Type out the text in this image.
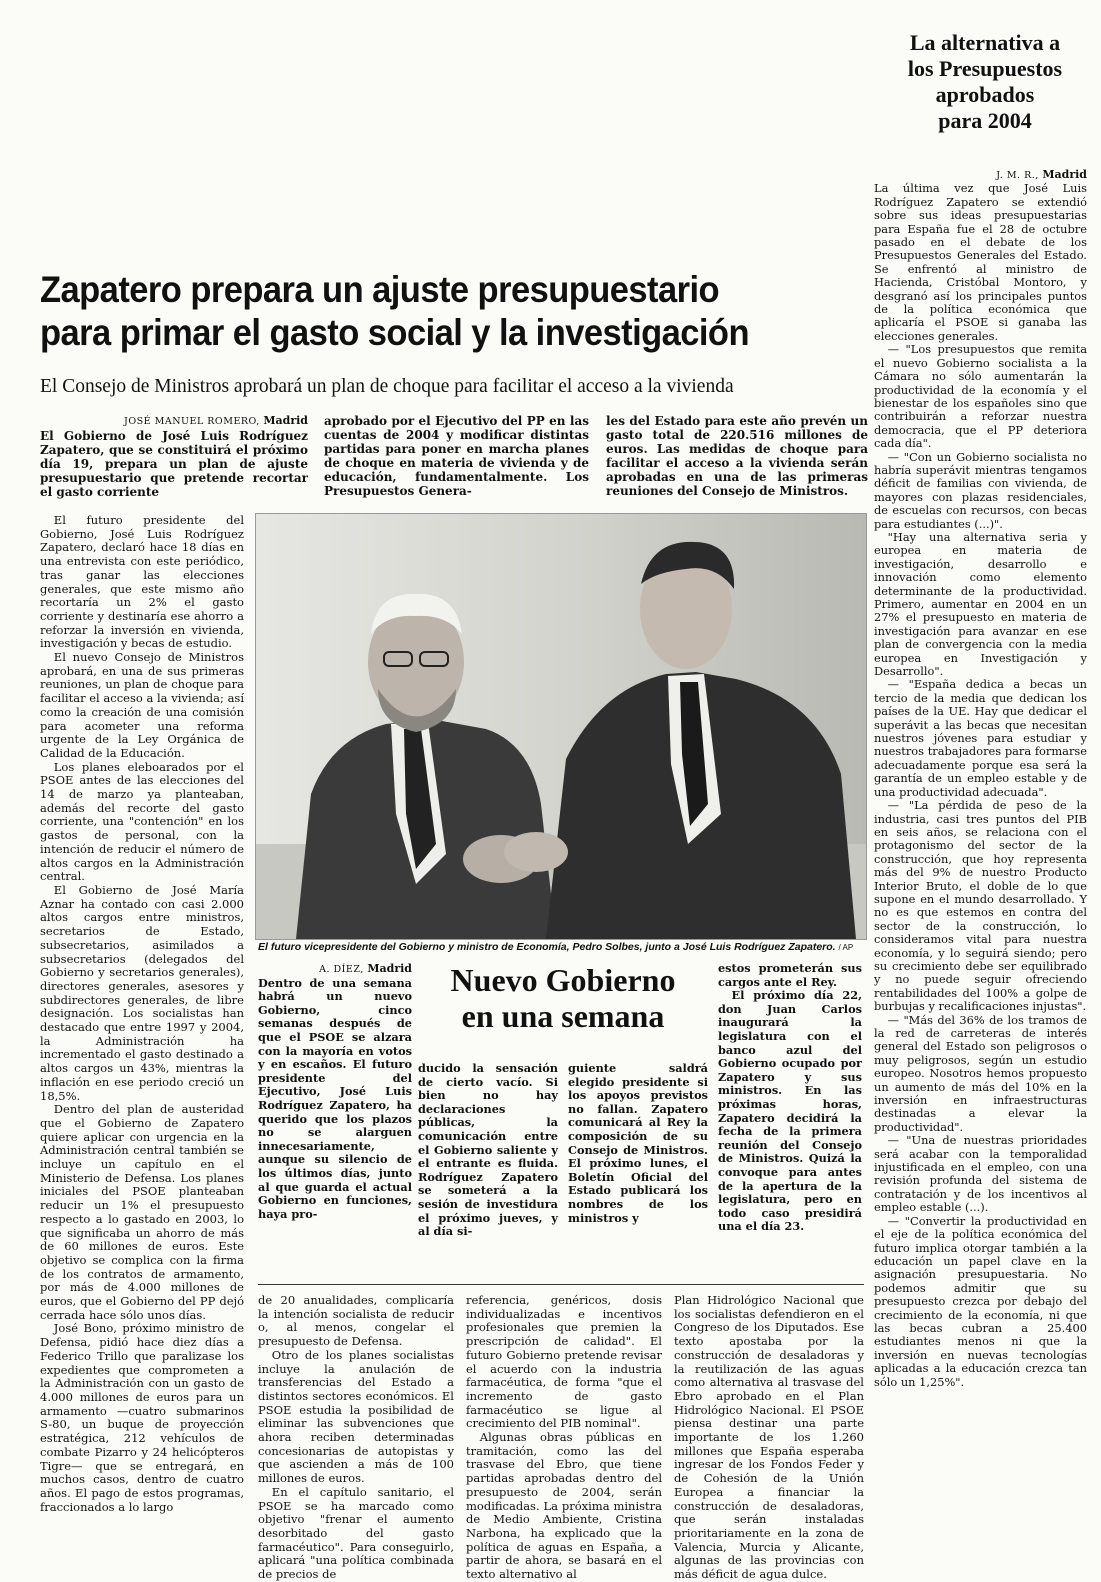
La alternativa a
los Presupuestos
aprobados
para 2004
J. M. R., Madrid

La última vez que José Luis Rodríguez Zapatero se extendió sobre sus ideas presupuestarias para España fue el 28 de octubre pasado en el debate de los Presupuestos Generales del Estado. Se enfrentó al ministro de Hacienda, Cristóbal Montoro, y desgranó así los principales puntos de la política económica que aplicaría el PSOE si ganaba las elecciones generales.

— "Los presupuestos que remita el nuevo Gobierno socialista a la Cámara no sólo aumentarán la productividad de la economía y el bienestar de los españoles sino que contribuirán a reforzar nuestra democracia, que el PP deteriora cada día".

— "Con un Gobierno socialista no habría superávit mientras tengamos déficit de familias con vivienda, de mayores con plazas residenciales, de escuelas con recursos, con becas para estudiantes (...)".

"Hay una alternativa seria y europea en materia de investigación, desarrollo e innovación como elemento determinante de la productividad. Primero, aumentar en 2004 en un 27% el presupuesto en materia de investigación para avanzar en ese plan de convergencia con la media europea en Investigación y Desarrollo".

— "España dedica a becas un tercio de la media que dedican los países de la UE. Hay que dedicar el superávit a las becas que necesitan nuestros jóvenes para estudiar y nuestros trabajadores para formarse adecuadamente porque esa será la garantía de un empleo estable y de una productividad adecuada".

— "La pérdida de peso de la industria, casi tres puntos del PIB en seis años, se relaciona con el protagonismo del sector de la construcción, que hoy representa más del 9% de nuestro Producto Interior Bruto, el doble de lo que supone en el mundo desarrollado. Y no es que estemos en contra del sector de la construcción, lo consideramos vital para nuestra economía, y lo seguirá siendo; pero su crecimiento debe ser equilibrado y no puede seguir ofreciendo rentabilidades del 100% a golpe de burbujas y recalificaciones injustas".

— "Más del 36% de los tramos de la red de carreteras de interés general del Estado son peligrosos o muy peligrosos, según un estudio europeo. Nosotros hemos propuesto un aumento de más del 10% en la inversión en infraestructuras destinadas a elevar la productividad".

— "Una de nuestras prioridades será acabar con la temporalidad injustificada en el empleo, con una revisión profunda del sistema de contratación y de los incentivos al empleo estable (...).

— "Convertir la productividad en el eje de la política económica del futuro implica otorgar también a la educación un papel clave en la asignación presupuestaria. No podemos admitir que su presupuesto crezca por debajo del crecimiento de la economía, ni que las becas cubran a 25.400 estudiantes menos ni que la inversión en nuevas tecnologías aplicadas a la educación crezca tan sólo un 1,25%".

Zapatero prepara un ajuste presupuestario
para primar el gasto social y la investigación
El Consejo de Ministros aprobará un plan de choque para facilitar el acceso a la vivienda
JOSÉ MANUEL ROMERO, Madrid
El Gobierno de José Luis Rodríguez Zapatero, que se constituirá el próximo día 19, prepara un plan de ajuste presupuestario que pretende recortar el gasto corriente
aprobado por el Ejecutivo del PP en las cuentas de 2004 y modificar distintas partidas para poner en marcha planes de choque en materia de vivienda y de educación, fundamentalmente. Los Presupuestos Genera-
les del Estado para este año prevén un gasto total de 220.516 millones de euros. Las medidas de choque para facilitar el acceso a la vivienda serán aprobadas en una de las primeras reuniones del Consejo de Ministros.

El futuro presidente del Gobierno, José Luis Rodríguez Zapatero, declaró hace 18 días en una entrevista con este periódico, tras ganar las elecciones generales, que este mismo año recortaría un 2% el gasto corriente y destinaría ese ahorro a reforzar la inversión en vivienda, investigación y becas de estudio.

El nuevo Consejo de Ministros aprobará, en una de sus primeras reuniones, un plan de choque para facilitar el acceso a la vivienda; así como la creación de una comisión para acometer una reforma urgente de la Ley Orgánica de Calidad de la Educación.

Los planes eleboarados por el PSOE antes de las elecciones del 14 de marzo ya planteaban, además del recorte del gasto corriente, una "contención" en los gastos de personal, con la intención de reducir el número de altos cargos en la Administración central.

El Gobierno de José María Aznar ha contado con casi 2.000 altos cargos entre ministros, secretarios de Estado, subsecretarios, asimilados a subsecretarios (delegados del Gobierno y secretarios generales), directores generales, asesores y subdirectores generales, de libre designación. Los socialistas han destacado que entre 1997 y 2004, la Administración ha incrementado el gasto destinado a altos cargos un 43%, mientras la inflación en ese periodo creció un 18,5%.

Dentro del plan de austeridad que el Gobierno de Zapatero quiere aplicar con urgencia en la Administración central también se incluye un capítulo en el Ministerio de Defensa. Los planes iniciales del PSOE planteaban reducir un 1% el presupuesto respecto a lo gastado en 2003, lo que significaba un ahorro de más de 60 millones de euros. Este objetivo se complica con la firma de los contratos de armamento, por más de 4.000 millones de euros, que el Gobierno del PP dejó cerrada hace sólo unos días.

José Bono, próximo ministro de Defensa, pidió hace diez días a Federico Trillo que paralizase los expedientes que comprometen a la Administración con un gasto de 4.000 millones de euros para un armamento —cuatro submarinos S-80, un buque de proyección estratégica, 212 vehículos de combate Pizarro y 24 helicópteros Tigre— que se entregará, en muchos casos, dentro de cuatro años. El pago de estos programas, fraccionados a lo largo

El futuro vicepresidente del Gobierno y ministro de Economía, Pedro Solbes, junto a José Luis Rodríguez Zapatero. / AP
A. DÍEZ, Madrid

Dentro de una semana habrá un nuevo Gobierno, cinco semanas después de que el PSOE se alzara con la mayoría en votos y en escaños. El futuro presidente del Ejecutivo, José Luis Rodríguez Zapatero, ha querido que los plazos no se alarguen innecesariamente, aunque su silencio de los últimos días, junto al que guarda el actual Gobierno en funciones, haya pro-

Nuevo Gobierno
en una semana
ducido la sensación de cierto vacío. Si bien no hay declaraciones públicas, la comunicación entre el Gobierno saliente y el entrante es fluida. Rodríguez Zapatero se someterá a la sesión de investidura el próximo jueves, y al día si-
guiente saldrá elegido presidente si los apoyos previstos no fallan. Zapatero comunicará al Rey la composición de su Consejo de Ministros. El próximo lunes, el Boletín Oficial del Estado publicará los nombres de los ministros y

estos prometerán sus cargos ante el Rey.

El próximo día 22, don Juan Carlos inaugurará la legislatura con el banco azul del Gobierno ocupado por Zapatero y sus ministros. En las próximas horas, Zapatero decidirá la fecha de la primera reunión del Consejo de Ministros. Quizá la convoque para antes de la apertura de la legislatura, pero en todo caso presidirá una el día 23.

de 20 anualidades, complicaría la intención socialista de reducir o, al menos, congelar el presupuesto de Defensa.

Otro de los planes socialistas incluye la anulación de transferencias del Estado a distintos sectores económicos. El PSOE estudia la posibilidad de eliminar las subvenciones que ahora reciben determinadas concesionarias de autopistas y que ascienden a más de 100 millones de euros.

En el capítulo sanitario, el PSOE se ha marcado como objetivo "frenar el aumento desorbitado del gasto farmacéutico". Para conseguirlo, aplicará "una política combinada de precios de

referencia, genéricos, dosis individualizadas e incentivos profesionales que premien la prescripción de calidad". El futuro Gobierno pretende revisar el acuerdo con la industria farmacéutica, de forma "que el incremento de gasto farmacéutico se ligue al crecimiento del PIB nominal".

Algunas obras públicas en tramitación, como las del trasvase del Ebro, que tiene partidas aprobadas dentro del presupuesto de 2004, serán modificadas. La próxima ministra de Medio Ambiente, Cristina Narbona, ha explicado que la política de aguas en España, a partir de ahora, se basará en el texto alternativo al

Plan Hidrológico Nacional que los socialistas defendieron en el Congreso de los Diputados. Ese texto apostaba por la construcción de desaladoras y la reutilización de las aguas como alternativa al trasvase del Ebro aprobado en el Plan Hidrológico Nacional. El PSOE piensa destinar una parte importante de los 1.260 millones que España esperaba ingresar de los Fondos Feder y de Cohesión de la Unión Europea a financiar la construcción de desaladoras, que serán instaladas prioritariamente en la zona de Valencia, Murcia y Alicante, algunas de las provincias con más déficit de agua dulce.
